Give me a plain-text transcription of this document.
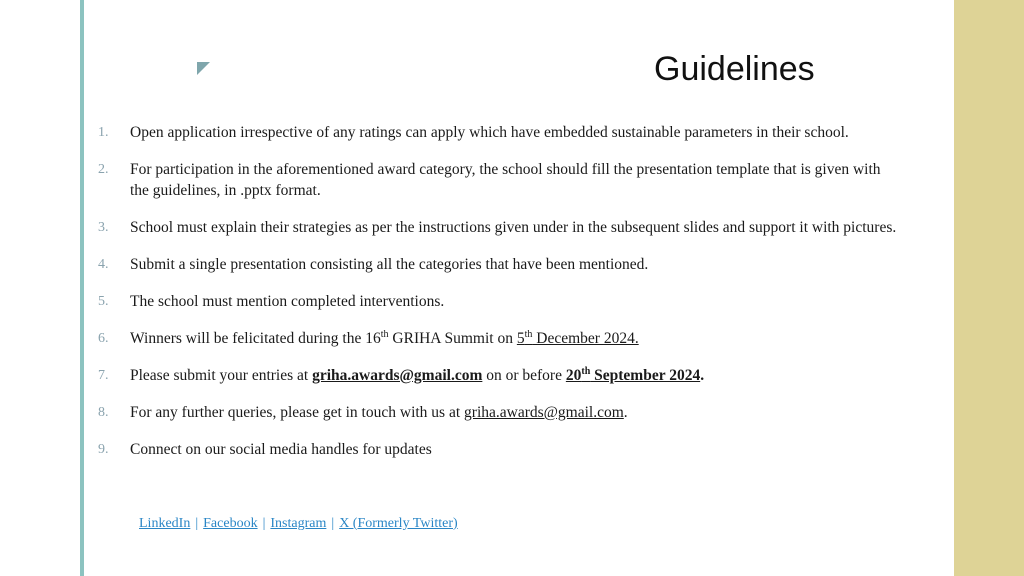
Guidelines
1.	Open application irrespective of any ratings can apply which have embedded sustainable parameters in their school.
2.	For participation in the aforementioned award category, the school should fill the presentation template that is given with the guidelines, in .pptx format.
3.	School must explain their strategies as per the instructions given under in the subsequent slides and support it with pictures.
4.	Submit a single presentation consisting all the categories that have been mentioned.
5.	The school must mention completed interventions.
6.	Winners will be felicitated during the 16th GRIHA Summit on 5th December 2024.
7.	Please submit your entries at griha.awards@gmail.com on or before 20th September 2024.
8.	For any further queries, please get in touch with us at griha.awards@gmail.com.
9.	Connect on our social media handles for updates
LinkedIn | Facebook | Instagram | X (Formerly Twitter)
